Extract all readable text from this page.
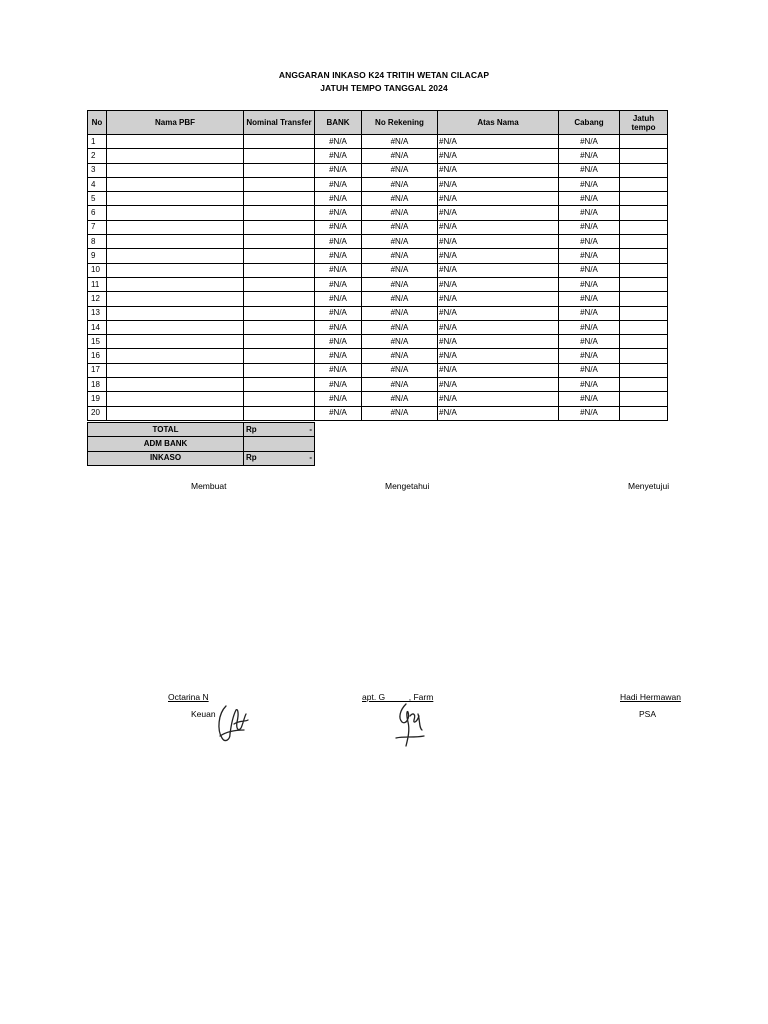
ANGGARAN INKASO K24 TRITIH WETAN CILACAP
JATUH TEMPO TANGGAL 2024
No	Nama PBF	Nominal Transfer	BANK	No Rekening	Atas Nama	Cabang	Jatuh tempo
1			#N/A	#N/A	#N/A	#N/A	
2			#N/A	#N/A	#N/A	#N/A	
3			#N/A	#N/A	#N/A	#N/A	
4			#N/A	#N/A	#N/A	#N/A	
5			#N/A	#N/A	#N/A	#N/A	
6			#N/A	#N/A	#N/A	#N/A	
7			#N/A	#N/A	#N/A	#N/A	
8			#N/A	#N/A	#N/A	#N/A	
9			#N/A	#N/A	#N/A	#N/A	
10			#N/A	#N/A	#N/A	#N/A	
11			#N/A	#N/A	#N/A	#N/A	
12			#N/A	#N/A	#N/A	#N/A	
13			#N/A	#N/A	#N/A	#N/A	
14			#N/A	#N/A	#N/A	#N/A	
15			#N/A	#N/A	#N/A	#N/A	
16			#N/A	#N/A	#N/A	#N/A	
17			#N/A	#N/A	#N/A	#N/A	
18			#N/A	#N/A	#N/A	#N/A	
19			#N/A	#N/A	#N/A	#N/A	
20			#N/A	#N/A	#N/A	#N/A	
TOTAL	Rp -

ADM BANK	

INKASO	Rp -
Membuat	Mengetahui	Menyetujui
Octarina N	apt. G          , Farm	Hadi Hermawan
Keuan	PSA
